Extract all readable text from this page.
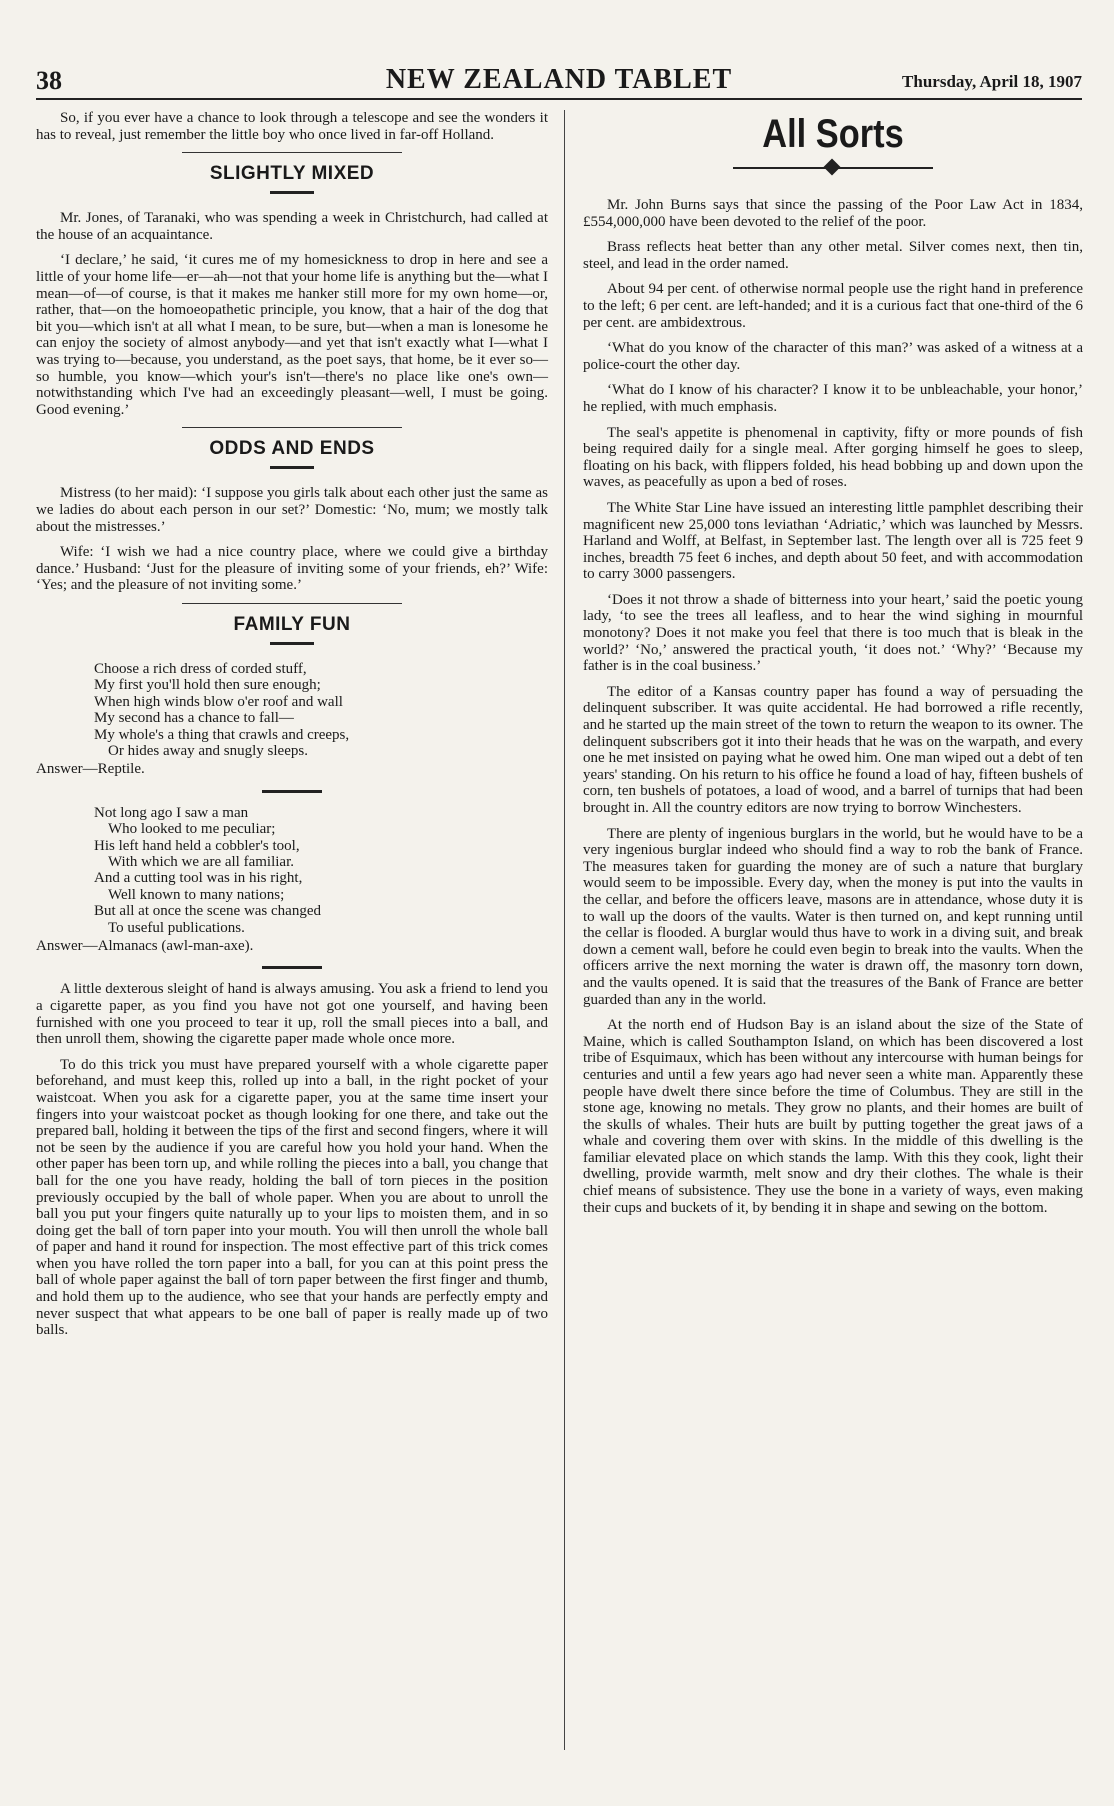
38	NEW ZEALAND TABLET	Thursday, April 18, 1907

So, if you ever have a chance to look through a telescope and see the wonders it has to reveal, just remember the little boy who once lived in far-off Holland.

SLIGHTLY MIXED

Mr. Jones, of Taranaki, who was spending a week in Christchurch, had called at the house of an acquaintance.

‘I declare,’ he said, ‘it cures me of my homesickness to drop in here and see a little of your home life—er—ah—not that your home life is anything but the—what I mean—of—of course, is that it makes me hanker still more for my own home—or, rather, that—on the homoeopathetic principle, you know, that a hair of the dog that bit you—which isn't at all what I mean, to be sure, but—when a man is lonesome he can enjoy the society of almost anybody—and yet that isn't exactly what I—what I was trying to—because, you understand, as the poet says, that home, be it ever so—so humble, you know—which your's isn't—there's no place like one's own—notwithstanding which I've had an exceedingly pleasant—well, I must be going. Good evening.’

ODDS AND ENDS

Mistress (to her maid): ‘I suppose you girls talk about each other just the same as we ladies do about each person in our set?’ Domestic: ‘No, mum; we mostly talk about the mistresses.’

Wife: ‘I wish we had a nice country place, where we could give a birthday dance.’ Husband: ‘Just for the pleasure of inviting some of your friends, eh?’ Wife: ‘Yes; and the pleasure of not inviting some.’

FAMILY FUN
Choose a rich dress of corded stuff,
My first you'll hold then sure enough;
When high winds blow o'er roof and wall
My second has a chance to fall—
My whole's a thing that crawls and creeps,
Or hides away and snugly sleeps.
Answer—Reptile.
Not long ago I saw a man
Who looked to me peculiar;
His left hand held a cobbler's tool,
With which we are all familiar.
And a cutting tool was in his right,
Well known to many nations;
But all at once the scene was changed
To useful publications.
Answer—Almanacs (awl-man-axe).

A little dexterous sleight of hand is always amusing. You ask a friend to lend you a cigarette paper, as you find you have not got one yourself, and having been furnished with one you proceed to tear it up, roll the small pieces into a ball, and then unroll them, showing the cigarette paper made whole once more.

To do this trick you must have prepared yourself with a whole cigarette paper beforehand, and must keep this, rolled up into a ball, in the right pocket of your waistcoat. When you ask for a cigarette paper, you at the same time insert your fingers into your waistcoat pocket as though looking for one there, and take out the prepared ball, holding it between the tips of the first and second fingers, where it will not be seen by the audience if you are careful how you hold your hand. When the other paper has been torn up, and while rolling the pieces into a ball, you change that ball for the one you have ready, holding the ball of torn pieces in the position previously occupied by the ball of whole paper. When you are about to unroll the ball you put your fingers quite naturally up to your lips to moisten them, and in so doing get the ball of torn paper into your mouth. You will then unroll the whole ball of paper and hand it round for inspection. The most effective part of this trick comes when you have rolled the torn paper into a ball, for you can at this point press the ball of whole paper against the ball of torn paper between the first finger and thumb, and hold them up to the audience, who see that your hands are perfectly empty and never suspect that what appears to be one ball of paper is really made up of two balls.

All Sorts

Mr. John Burns says that since the passing of the Poor Law Act in 1834, £554,000,000 have been devoted to the relief of the poor.

Brass reflects heat better than any other metal. Silver comes next, then tin, steel, and lead in the order named.

About 94 per cent. of otherwise normal people use the right hand in preference to the left; 6 per cent. are left-handed; and it is a curious fact that one-third of the 6 per cent. are ambidextrous.

‘What do you know of the character of this man?’ was asked of a witness at a police-court the other day.

‘What do I know of his character? I know it to be unbleachable, your honor,’ he replied, with much emphasis.

The seal's appetite is phenomenal in captivity, fifty or more pounds of fish being required daily for a single meal. After gorging himself he goes to sleep, floating on his back, with flippers folded, his head bobbing up and down upon the waves, as peacefully as upon a bed of roses.

The White Star Line have issued an interesting little pamphlet describing their magnificent new 25,000 tons leviathan ‘Adriatic,’ which was launched by Messrs. Harland and Wolff, at Belfast, in September last. The length over all is 725 feet 9 inches, breadth 75 feet 6 inches, and depth about 50 feet, and with accommodation to carry 3000 passengers.

‘Does it not throw a shade of bitterness into your heart,’ said the poetic young lady, ‘to see the trees all leafless, and to hear the wind sighing in mournful monotony? Does it not make you feel that there is too much that is bleak in the world?’ ‘No,’ answered the practical youth, ‘it does not.’ ‘Why?’ ‘Because my father is in the coal business.’

The editor of a Kansas country paper has found a way of persuading the delinquent subscriber. It was quite accidental. He had borrowed a rifle recently, and he started up the main street of the town to return the weapon to its owner. The delinquent subscribers got it into their heads that he was on the warpath, and every one he met insisted on paying what he owed him. One man wiped out a debt of ten years' standing. On his return to his office he found a load of hay, fifteen bushels of corn, ten bushels of potatoes, a load of wood, and a barrel of turnips that had been brought in. All the country editors are now trying to borrow Winchesters.

There are plenty of ingenious burglars in the world, but he would have to be a very ingenious burglar indeed who should find a way to rob the bank of France. The measures taken for guarding the money are of such a nature that burglary would seem to be impossible. Every day, when the money is put into the vaults in the cellar, and before the officers leave, masons are in attendance, whose duty it is to wall up the doors of the vaults. Water is then turned on, and kept running until the cellar is flooded. A burglar would thus have to work in a diving suit, and break down a cement wall, before he could even begin to break into the vaults. When the officers arrive the next morning the water is drawn off, the masonry torn down, and the vaults opened. It is said that the treasures of the Bank of France are better guarded than any in the world.

At the north end of Hudson Bay is an island about the size of the State of Maine, which is called Southampton Island, on which has been discovered a lost tribe of Esquimaux, which has been without any intercourse with human beings for centuries and until a few years ago had never seen a white man. Apparently these people have dwelt there since before the time of Columbus. They are still in the stone age, knowing no metals. They grow no plants, and their homes are built of the skulls of whales. Their huts are built by putting together the great jaws of a whale and covering them over with skins. In the middle of this dwelling is the familiar elevated place on which stands the lamp. With this they cook, light their dwelling, provide warmth, melt snow and dry their clothes. The whale is their chief means of subsistence. They use the bone in a variety of ways, even making their cups and buckets of it, by bending it in shape and sewing on the bottom.
